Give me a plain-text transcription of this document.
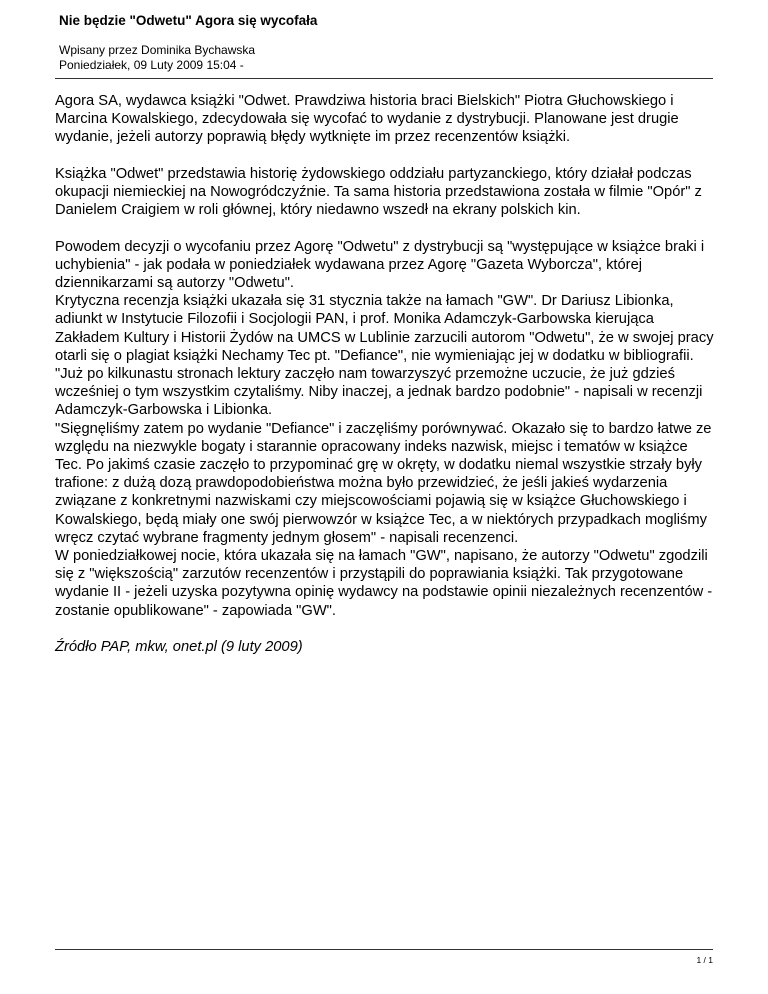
Nie będzie "Odwetu" Agora się wycofała
Wpisany przez Dominika Bychawska
Poniedziałek, 09 Luty 2009 15:04 -

Agora SA, wydawca książki "Odwet. Prawdziwa historia braci Bielskich" Piotra Głuchowskiego i Marcina Kowalskiego, zdecydowała się wycofać to wydanie z dystrybucji. Planowane jest drugie wydanie, jeżeli autorzy poprawią błędy wytknięte im przez recenzentów książki.

Książka "Odwet" przedstawia historię żydowskiego oddziału partyzanckiego, który działał podczas okupacji niemieckiej na Nowogródczyźnie. Ta sama historia przedstawiona została w filmie "Opór" z Danielem Craigiem w roli głównej, który niedawno wszedł na ekrany polskich kin.

Powodem decyzji o wycofaniu przez Agorę "Odwetu" z dystrybucji są "występujące w książce braki i uchybienia" - jak podała w poniedziałek wydawana przez Agorę "Gazeta Wyborcza", której dziennikarzami są autorzy "Odwetu".
Krytyczna recenzja książki ukazała się 31 stycznia także na łamach "GW". Dr Dariusz Libionka, adiunkt w Instytucie Filozofii i Socjologii PAN, i prof. Monika Adamczyk-Garbowska kierująca Zakładem Kultury i Historii Żydów na UMCS w Lublinie zarzucili autorom "Odwetu", że w swojej pracy otarli się o plagiat książki Nechamy Tec pt. "Defiance", nie wymieniając jej w dodatku w bibliografii.
"Już po kilkunastu stronach lektury zaczęło nam towarzyszyć przemożne uczucie, że już gdzieś wcześniej o tym wszystkim czytaliśmy. Niby inaczej, a jednak bardzo podobnie" - napisali w recenzji Adamczyk-Garbowska i Libionka.
"Sięgnęliśmy zatem po wydanie "Defiance" i zaczęliśmy porównywać. Okazało się to bardzo łatwe ze względu na niezwykle bogaty i starannie opracowany indeks nazwisk, miejsc i tematów w książce Tec. Po jakimś czasie zaczęło to przypominać grę w okręty, w dodatku niemal wszystkie strzały były trafione: z dużą dozą prawdopodobieństwa można było przewidzieć, że jeśli jakieś wydarzenia związane z konkretnymi nazwiskami czy miejscowościami pojawią się w książce Głuchowskiego i Kowalskiego, będą miały one swój pierwowzór w książce Tec, a w niektórych przypadkach mogliśmy wręcz czytać wybrane fragmenty jednym głosem" - napisali recenzenci.
W poniedziałkowej nocie, która ukazała się na łamach "GW", napisano, że autorzy "Odwetu" zgodzili się z "większością" zarzutów recenzentów i przystąpili do poprawiania książki. Tak przygotowane wydanie II - jeżeli uzyska pozytywna opinię wydawcy na podstawie opinii niezależnych recenzentów - zostanie opublikowane" - zapowiada "GW".

Źródło PAP, mkw, onet.pl (9 luty 2009)

1 / 1
